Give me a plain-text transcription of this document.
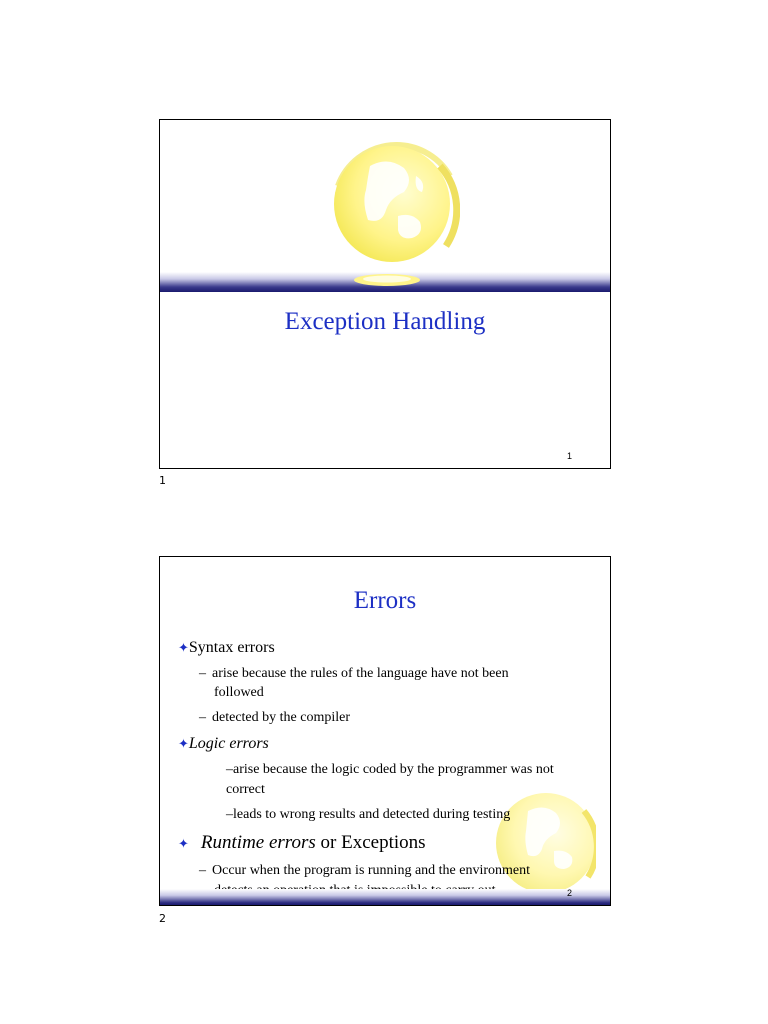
Exception Handling
1
1
Errors
✦Syntax errors
– arise because the rules of the language have not been
followed
– detected by the compiler
✦Logic errors
–arise because the logic coded by the programmer was not
correct
–leads to wrong results and detected during testing
✦ Runtime errors or Exceptions
– Occur when the program is running and the environment
2
2
